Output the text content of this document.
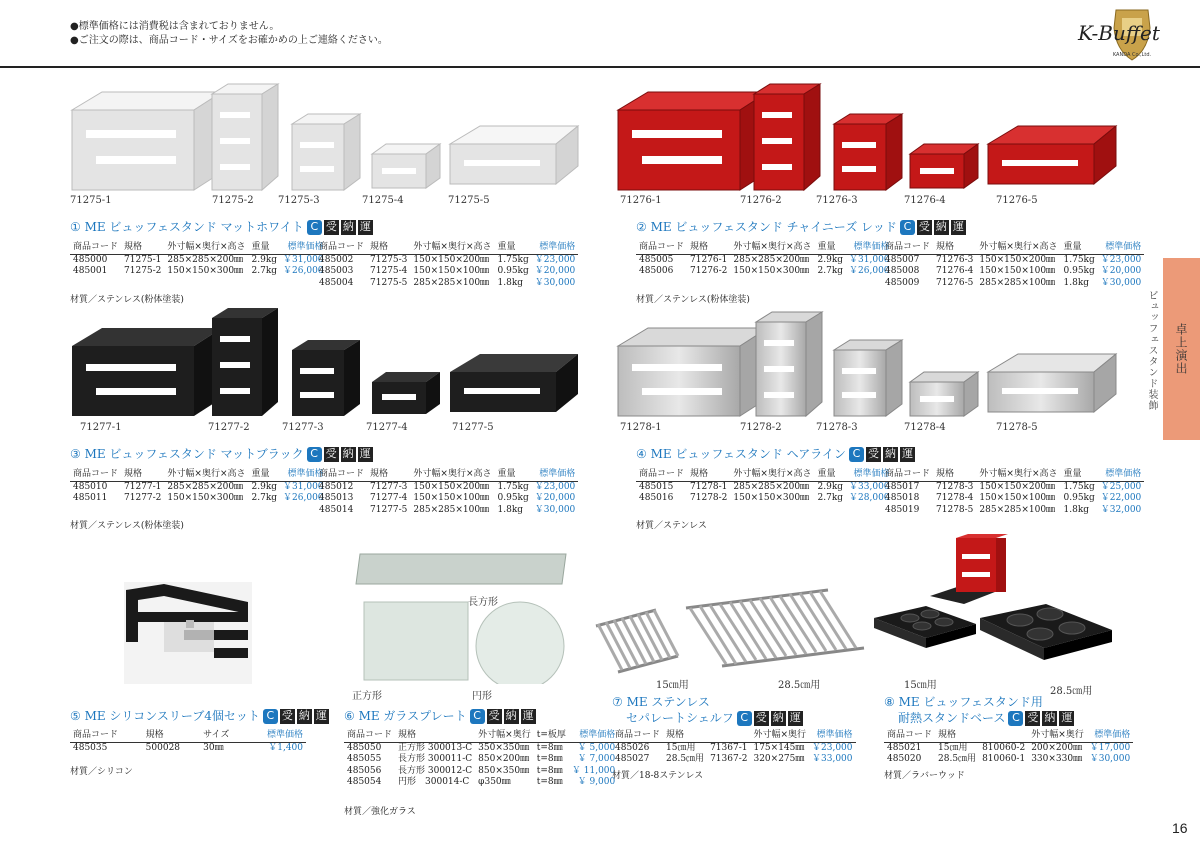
●標準価格には消費税は含まれておりません。
●ご注文の際は、商品コード・サイズをお確かめの上ご連絡ください。	K-Buffet
KANDA Co.,Ltd.
卓上演出
ビュッフェスタンド装飾
16
71275-1	71275-2 71275-3	71275-4	71275-5	71276-1	71276-2	71276-3	71276-4	71276-5
① ME ビュッフェスタンド マットホワイト C 受 納 運
商品コード	規格	外寸幅×奥行×高さ	重量	標準価格
485000	71275-1	285×285×200㎜	2.9kg	￥31,000
485001	71275-2	150×150×300㎜	2.7kg	￥26,000
商品コード	規格	外寸幅×奥行×高さ	重量	標準価格
485002	71275-3	150×150×200㎜	1.75kg	￥23,000
485003	71275-4	150×150×100㎜	0.95kg	￥20,000
485004	71275-5	285×285×100㎜	1.8kg	￥30,000
材質／ステンレス(粉体塗装)
② ME ビュッフェスタンド チャイニーズ レッド C 受 納 運
商品コード	規格	外寸幅×奥行×高さ	重量	標準価格
485005	71276-1	285×285×200㎜	2.9kg	￥31,000
485006	71276-2	150×150×300㎜	2.7kg	￥26,000
商品コード	規格	外寸幅×奥行×高さ	重量	標準価格
485007	71276-3	150×150×200㎜	1.75kg	￥23,000
485008	71276-4	150×150×100㎜	0.95kg	￥20,000
485009	71276-5	285×285×100㎜	1.8kg	￥30,000
材質／ステンレス(粉体塗装)
71277-1	71277-2	71277-3	71277-4	71277-5	71278-1	71278-2	71278-3	71278-4	71278-5
③ ME ビュッフェスタンド マットブラック C 受 納 運
商品コード	規格	外寸幅×奥行×高さ	重量	標準価格
485010	71277-1	285×285×200㎜	2.9kg	￥31,000
485011	71277-2	150×150×300㎜	2.7kg	￥26,000
商品コード	規格	外寸幅×奥行×高さ	重量	標準価格
485012	71277-3	150×150×200㎜	1.75kg	￥23,000
485013	71277-4	150×150×100㎜	0.95kg	￥20,000
485014	71277-5	285×285×100㎜	1.8kg	￥30,000
材質／ステンレス(粉体塗装)
④ ME ビュッフェスタンド ヘアライン C 受 納 運
商品コード	規格	外寸幅×奥行×高さ	重量	標準価格
485015	71278-1	285×285×200㎜	2.9kg	￥33,000
485016	71278-2	150×150×300㎜	2.7kg	￥28,000
商品コード	規格	外寸幅×奥行×高さ	重量	標準価格
485017	71278-3	150×150×200㎜	1.75kg	￥25,000
485018	71278-4	150×150×100㎜	0.95kg	￥22,000
485019	71278-5	285×285×100㎜	1.8kg	￥32,000
材質／ステンレス
⑤ ME シリコンスリーブ4個セット C 受 納 運
商品コード	規格	サイズ	標準価格
485035	500028	30㎜	￥1,400
材質／シリコン
長方形
正方形	円形
⑥ ME ガラスプレート C 受 納 運
商品コード	規格	外寸幅×奥行	t=板厚	標準価格
485050	正方形 300013-C	350×350㎜	t=8㎜	￥ 5,000
485055	長方形 300011-C	850×200㎜	t=8㎜	￥ 7,000
485056	長方形 300012-C	850×350㎜	t=8㎜	￥ 11,000
485054	円形　300014-C	φ350㎜	t=8㎜	￥ 9,000
材質／強化ガラス
15㎝用	28.5㎝用
⑦ ME ステンレス
セパレートシェルフ C 受 納 運
商品コード	規格		外寸幅×奥行	標準価格
485026	15㎝用	71367-1	175×145㎜	￥23,000
485027	28.5㎝用	71367-2	320×275㎜	￥33,000
材質／18-8ステンレス
15㎝用
28.5㎝用
⑧ ME ビュッフェスタンド用
耐熱スタンドベース C 受 納 運
商品コード	規格		外寸幅×奥行	標準価格
485021	15㎝用	810060-2	200×200㎜	￥17,000
485020	28.5㎝用	810060-1	330×330㎜	￥30,000
材質／ラバーウッド
